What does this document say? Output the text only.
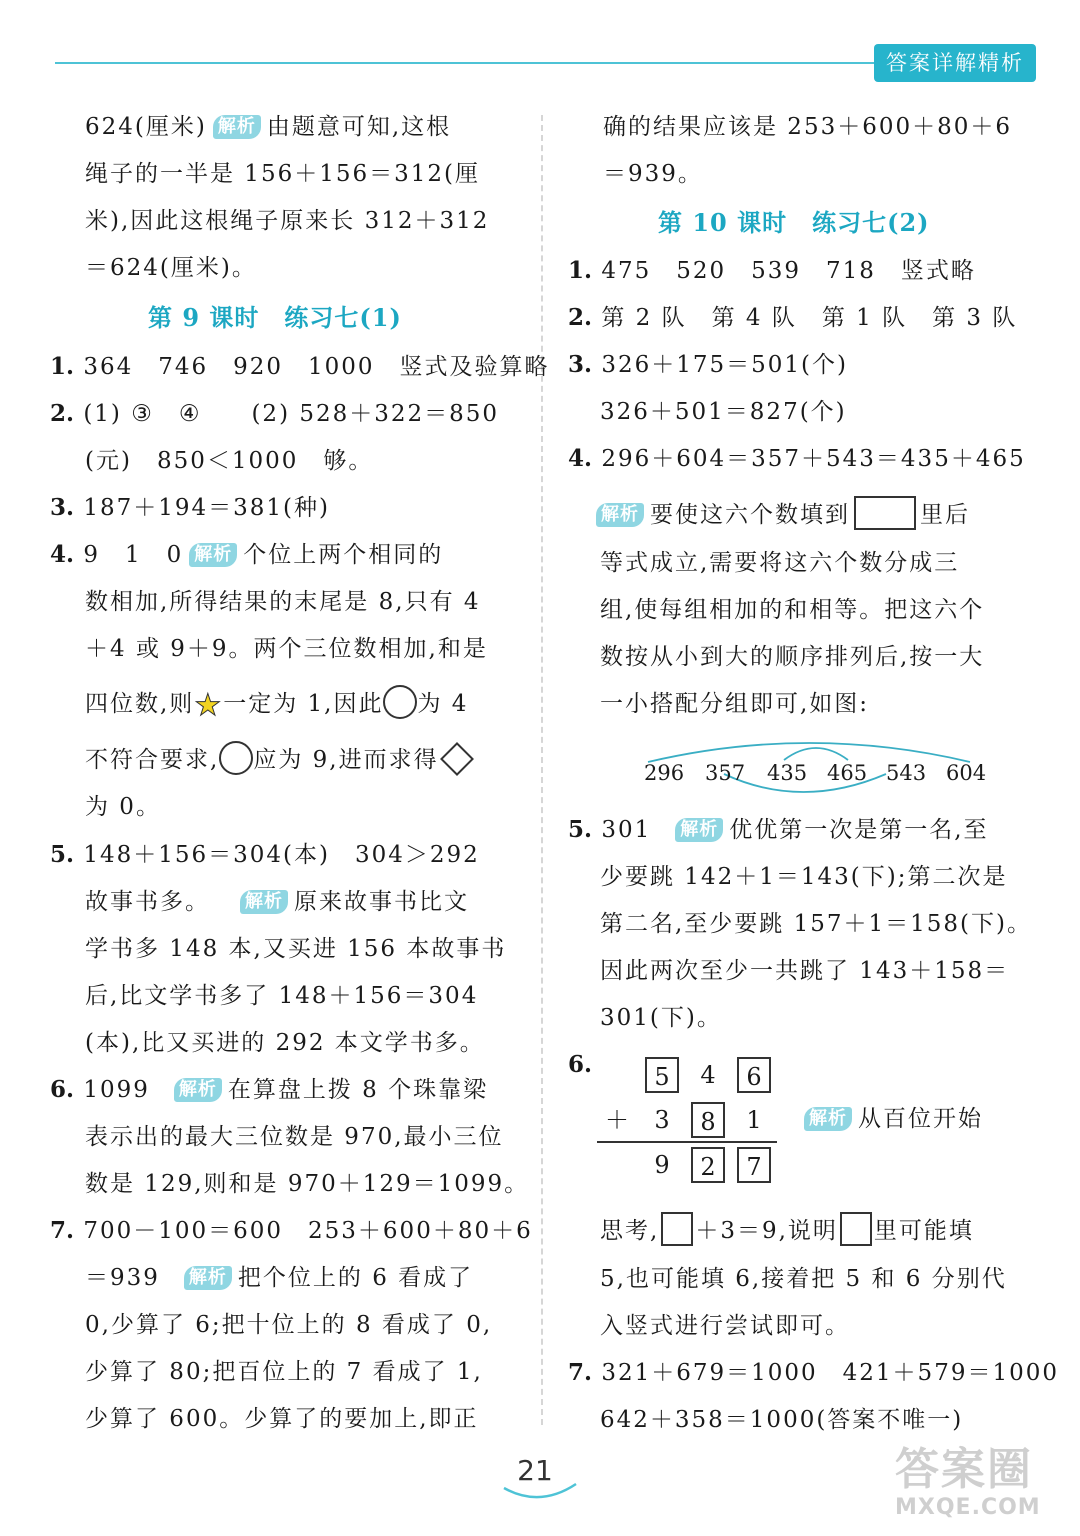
答案详解精析
624(厘米) 解析 由题意可知,这根
绳子的一半是 156＋156＝312(厘
米),因此这根绳子原来长 312＋312
＝624(厘米)。
第 9 课时　练习七(1)
1. 364　746　920　1000　竖式及验算略
2. (1) ③　④　　(2) 528＋322＝850
(元)　850＜1000　够。
3. 187＋194＝381(种)
4. 9　1　0 解析 个位上两个相同的
数相加,所得结果的末尾是 8,只有 4
＋4 或 9＋9。两个三位数相加,和是
四位数,则★一定为 1,因此 为 4
不符合要求, 应为 9,进而求得
为 0。
5. 148＋156＝304(本)　304＞292
故事书多。 解析 原来故事书比文
学书多 148 本,又买进 156 本故事书
后,比文学书多了 148＋156＝304
(本),比又买进的 292 本文学书多。
6. 1099 解析 在算盘上拨 8 个珠靠梁
表示出的最大三位数是 970,最小三位
数是 129,则和是 970＋129＝1099。
7. 700－100＝600　253＋600＋80＋6
＝939 解析 把个位上的 6 看成了
0,少算了 6;把十位上的 8 看成了 0,
少算了 80;把百位上的 7 看成了 1,
少算了 600。少算了的要加上,即正
确的结果应该是 253＋600＋80＋6
＝939。
第 10 课时　练习七(2)
1. 475　520　539　718　竖式略
2. 第 2 队　第 4 队　第 1 队　第 3 队
3. 326＋175＝501(个)
326＋501＝827(个)
4. 296＋604＝357＋543＝435＋465
解析 要使这六个数填到	里后
等式成立,需要将这六个数分成三
组,使每组相加的和相等。把这六个
数按从小到大的顺序排列后,按一大
一小搭配分组即可,如图:
296 357 435 465 543 604
5. 301 解析 优优第一次是第一名,至
少要跳 142＋1＝143(下);第二次是
第二名,至少要跳 157＋1＝158(下)。
因此两次至少一共跳了 143＋158＝
301(下)。
6.	5	4	6
＋	3	8	1
9	2	7
解析 从百位开始
思考, ＋3＝9,说明 里可能填
5,也可能填 6,接着把 5 和 6 分别代
入竖式进行尝试即可。
7. 321＋679＝1000　421＋579＝1000
642＋358＝1000(答案不唯一)
21	答案圈
MXQE.COM
